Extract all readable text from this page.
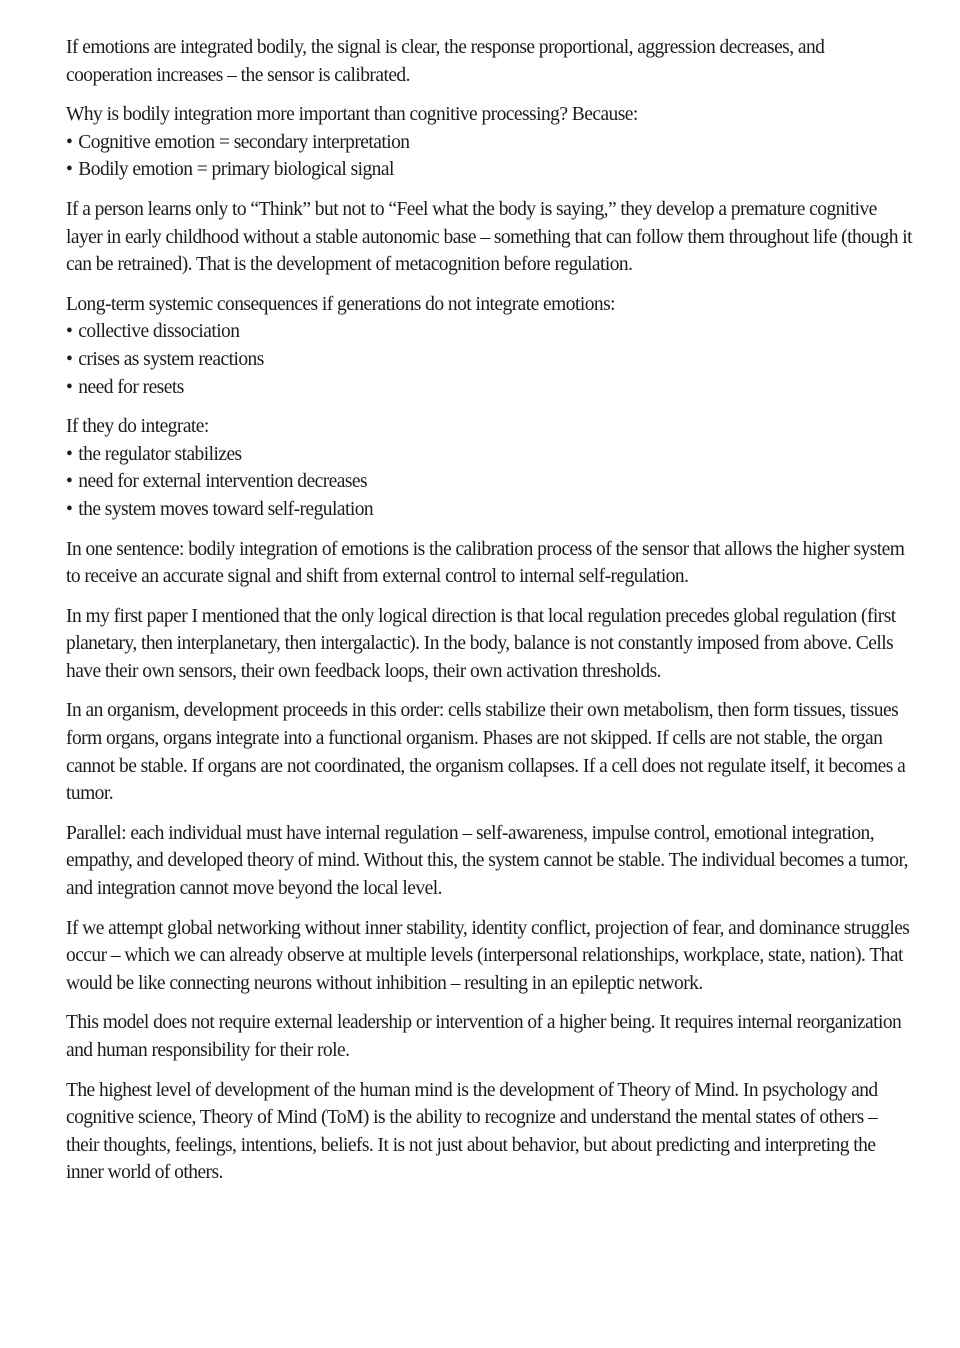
If emotions are integrated bodily, the signal is clear, the response proportional, aggression decreases, and cooperation increases – the sensor is calibrated.
Why is bodily integration more important than cognitive processing? Because:
• Cognitive emotion = secondary interpretation
• Bodily emotion = primary biological signal
If a person learns only to “Think” but not to “Feel what the body is saying,” they develop a premature cognitive layer in early childhood without a stable autonomic base – something that can follow them throughout life (though it can be retrained). That is the development of metacognition before regulation.
Long-term systemic consequences if generations do not integrate emotions:
• collective dissociation
• crises as system reactions
• need for resets
If they do integrate:
• the regulator stabilizes
• need for external intervention decreases
• the system moves toward self-regulation
In one sentence: bodily integration of emotions is the calibration process of the sensor that allows the higher system to receive an accurate signal and shift from external control to internal self-regulation.
In my first paper I mentioned that the only logical direction is that local regulation precedes global regulation (first planetary, then interplanetary, then intergalactic). In the body, balance is not constantly imposed from above. Cells have their own sensors, their own feedback loops, their own activation thresholds.
In an organism, development proceeds in this order: cells stabilize their own metabolism, then form tissues, tissues form organs, organs integrate into a functional organism. Phases are not skipped. If cells are not stable, the organ cannot be stable. If organs are not coordinated, the organism collapses. If a cell does not regulate itself, it becomes a tumor.
Parallel: each individual must have internal regulation – self-awareness, impulse control, emotional integration, empathy, and developed theory of mind. Without this, the system cannot be stable. The individual becomes a tumor, and integration cannot move beyond the local level.
If we attempt global networking without inner stability, identity conflict, projection of fear, and dominance struggles occur – which we can already observe at multiple levels (interpersonal relationships, workplace, state, nation). That would be like connecting neurons without inhibition – resulting in an epileptic network.
This model does not require external leadership or intervention of a higher being. It requires internal reorganization and human responsibility for their role.
The highest level of development of the human mind is the development of Theory of Mind. In psychology and cognitive science, Theory of Mind (ToM) is the ability to recognize and understand the mental states of others – their thoughts, feelings, intentions, beliefs. It is not just about behavior, but about predicting and interpreting the inner world of others.
